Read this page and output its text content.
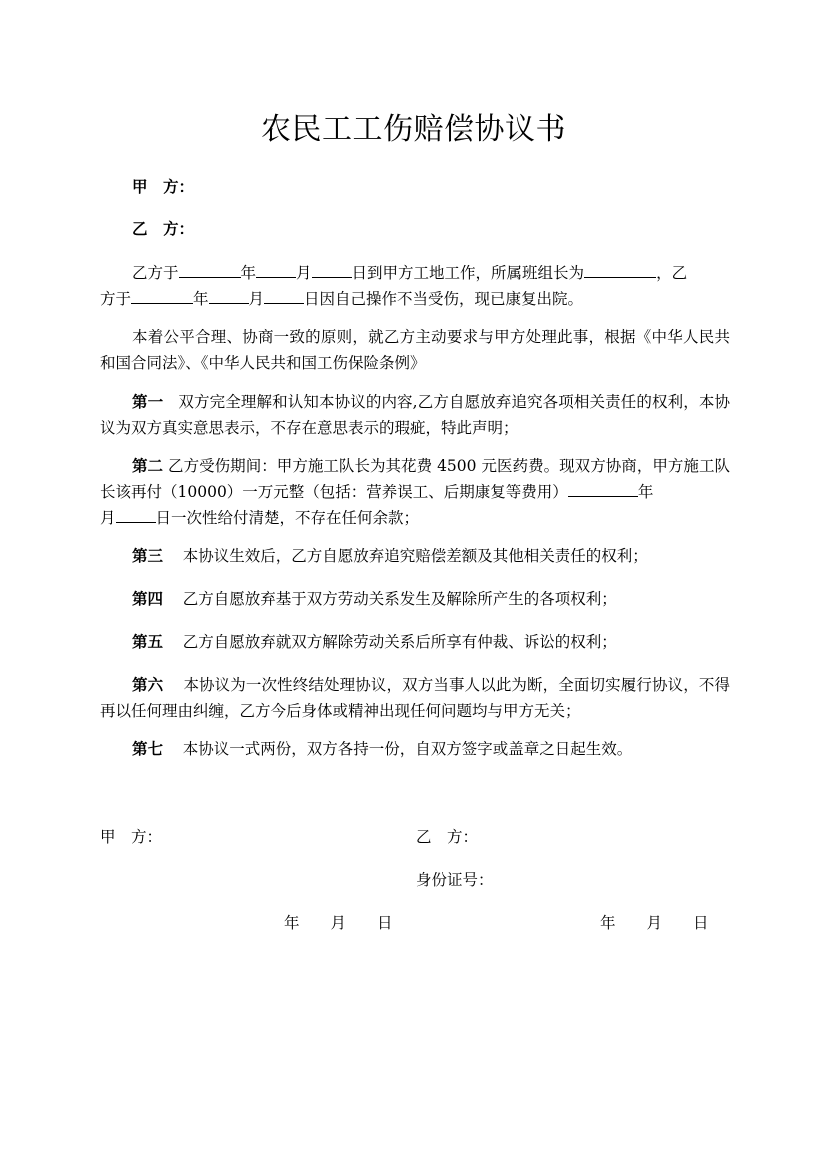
农民工工伤赔偿协议书

甲　方：

乙　方：

乙方于	年	月	日到甲方工地工作，所属班组长为	，乙
方于	年	月	日因自己操作不当受伤，现已康复出院。

本着公平合理、协商一致的原则，就乙方主动要求与甲方处理此事，根据《中华人民共和国合同法》、《中华人民共和国工伤保险条例》

第一 双方完全理解和认知本协议的内容,乙方自愿放弃追究各项相关责任的权利，本协议为双方真实意思表示，不存在意思表示的瑕疵，特此声明；

第二 乙方受伤期间：甲方施工队长为其花费 4500 元医药费。现双方协商，甲方施工队长该再付（10000）一万元整（包括：营养误工、后期康复等费用）	年
月	日一次性给付清楚，不存在任何余款；

第三 本协议生效后，乙方自愿放弃追究赔偿差额及其他相关责任的权利；

第四 乙方自愿放弃基于双方劳动关系发生及解除所产生的各项权利；

第五 乙方自愿放弃就双方解除劳动关系后所享有仲裁、诉讼的权利；

第六 本协议为一次性终结处理协议，双方当事人以此为断，全面切实履行协议，不得再以任何理由纠缠，乙方今后身体或精神出现任何问题均与甲方无关；

第七 本协议一式两份，双方各持一份，自双方签字或盖章之日起生效。

甲　方：	乙　方：
身份证号：
年　　月　　日	年　　月　　日
